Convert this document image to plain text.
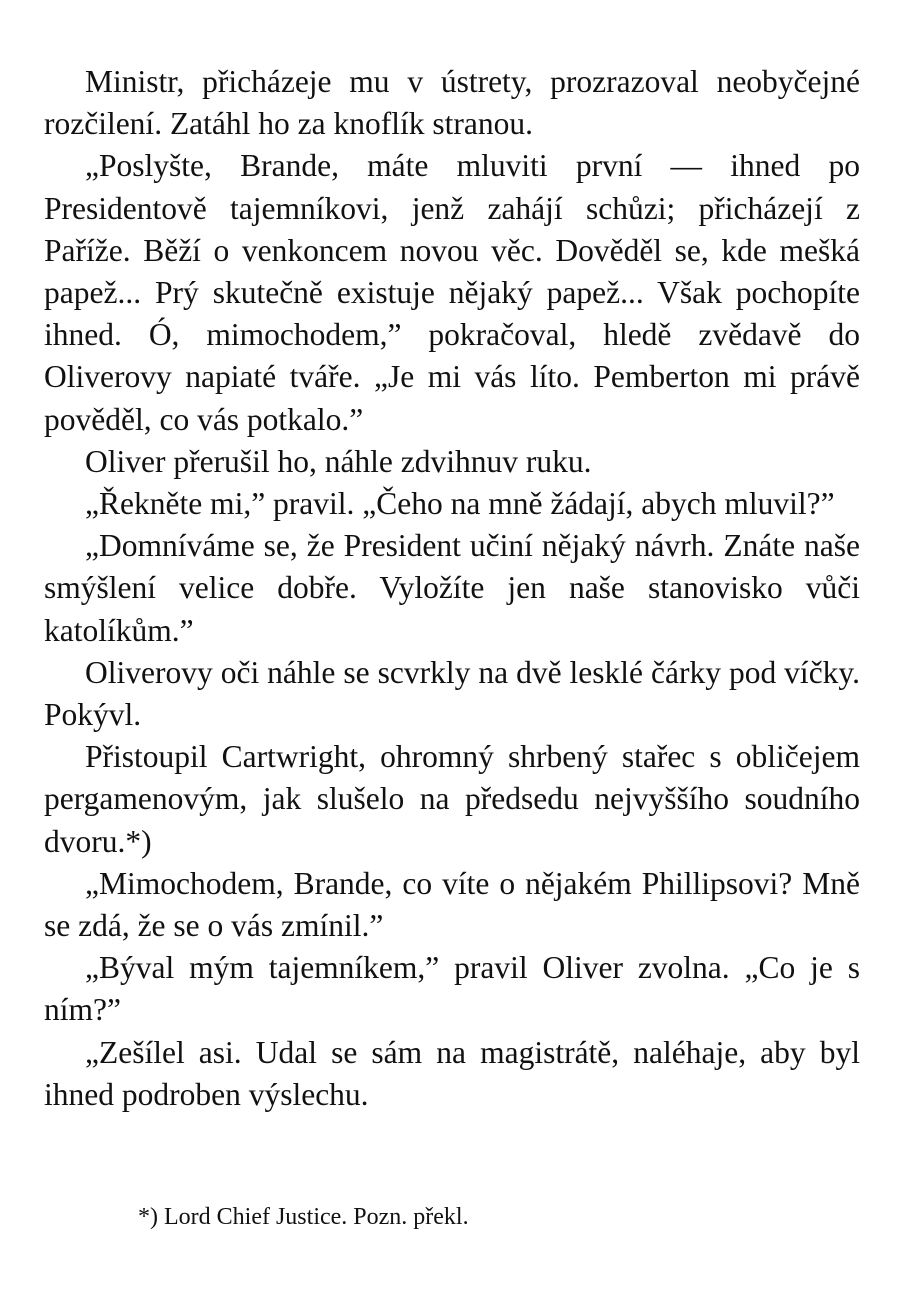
Ministr, přicházeje mu v ústrety, prozrazoval neobyčejné rozčilení. Zatáhl ho za knoflík stranou.

„Poslyšte, Brande, máte mluviti první — ihned po Presidentově tajemníkovi, jenž zahájí schůzi; přicházejí z Paříže. Běží o venkoncem novou věc. Dověděl se, kde mešká papež... Prý skutečně existuje nějaký papež... Však pochopíte ihned. Ó, mimochodem,” pokračoval, hledě zvědavě do Oliverovy napiaté tváře. „Je mi vás líto. Pemberton mi právě pověděl, co vás potkalo.”

Oliver přerušil ho, náhle zdvihnuv ruku.

„Řekněte mi,” pravil. „Čeho na mně žádají, abych mluvil?”

„Domníváme se, že President učiní nějaký návrh. Znáte naše smýšlení velice dobře. Vyložíte jen naše stanovisko vůči katolíkům.”

Oliverovy oči náhle se scvrkly na dvě lesklé čárky pod víčky. Pokývl.

Přistoupil Cartwright, ohromný shrbený stařec s obličejem pergamenovým, jak slušelo na předsedu nejvyššího soudního dvoru.*)

„Mimochodem, Brande, co víte o nějakém Phillipsovi? Mně se zdá, že se o vás zmínil.”

„Býval mým tajemníkem,” pravil Oliver zvolna. „Co je s ním?”

„Zešílel asi. Udal se sám na magistrátě, naléhaje, aby byl ihned podroben výslechu.

*) Lord Chief Justice. Pozn. překl.
